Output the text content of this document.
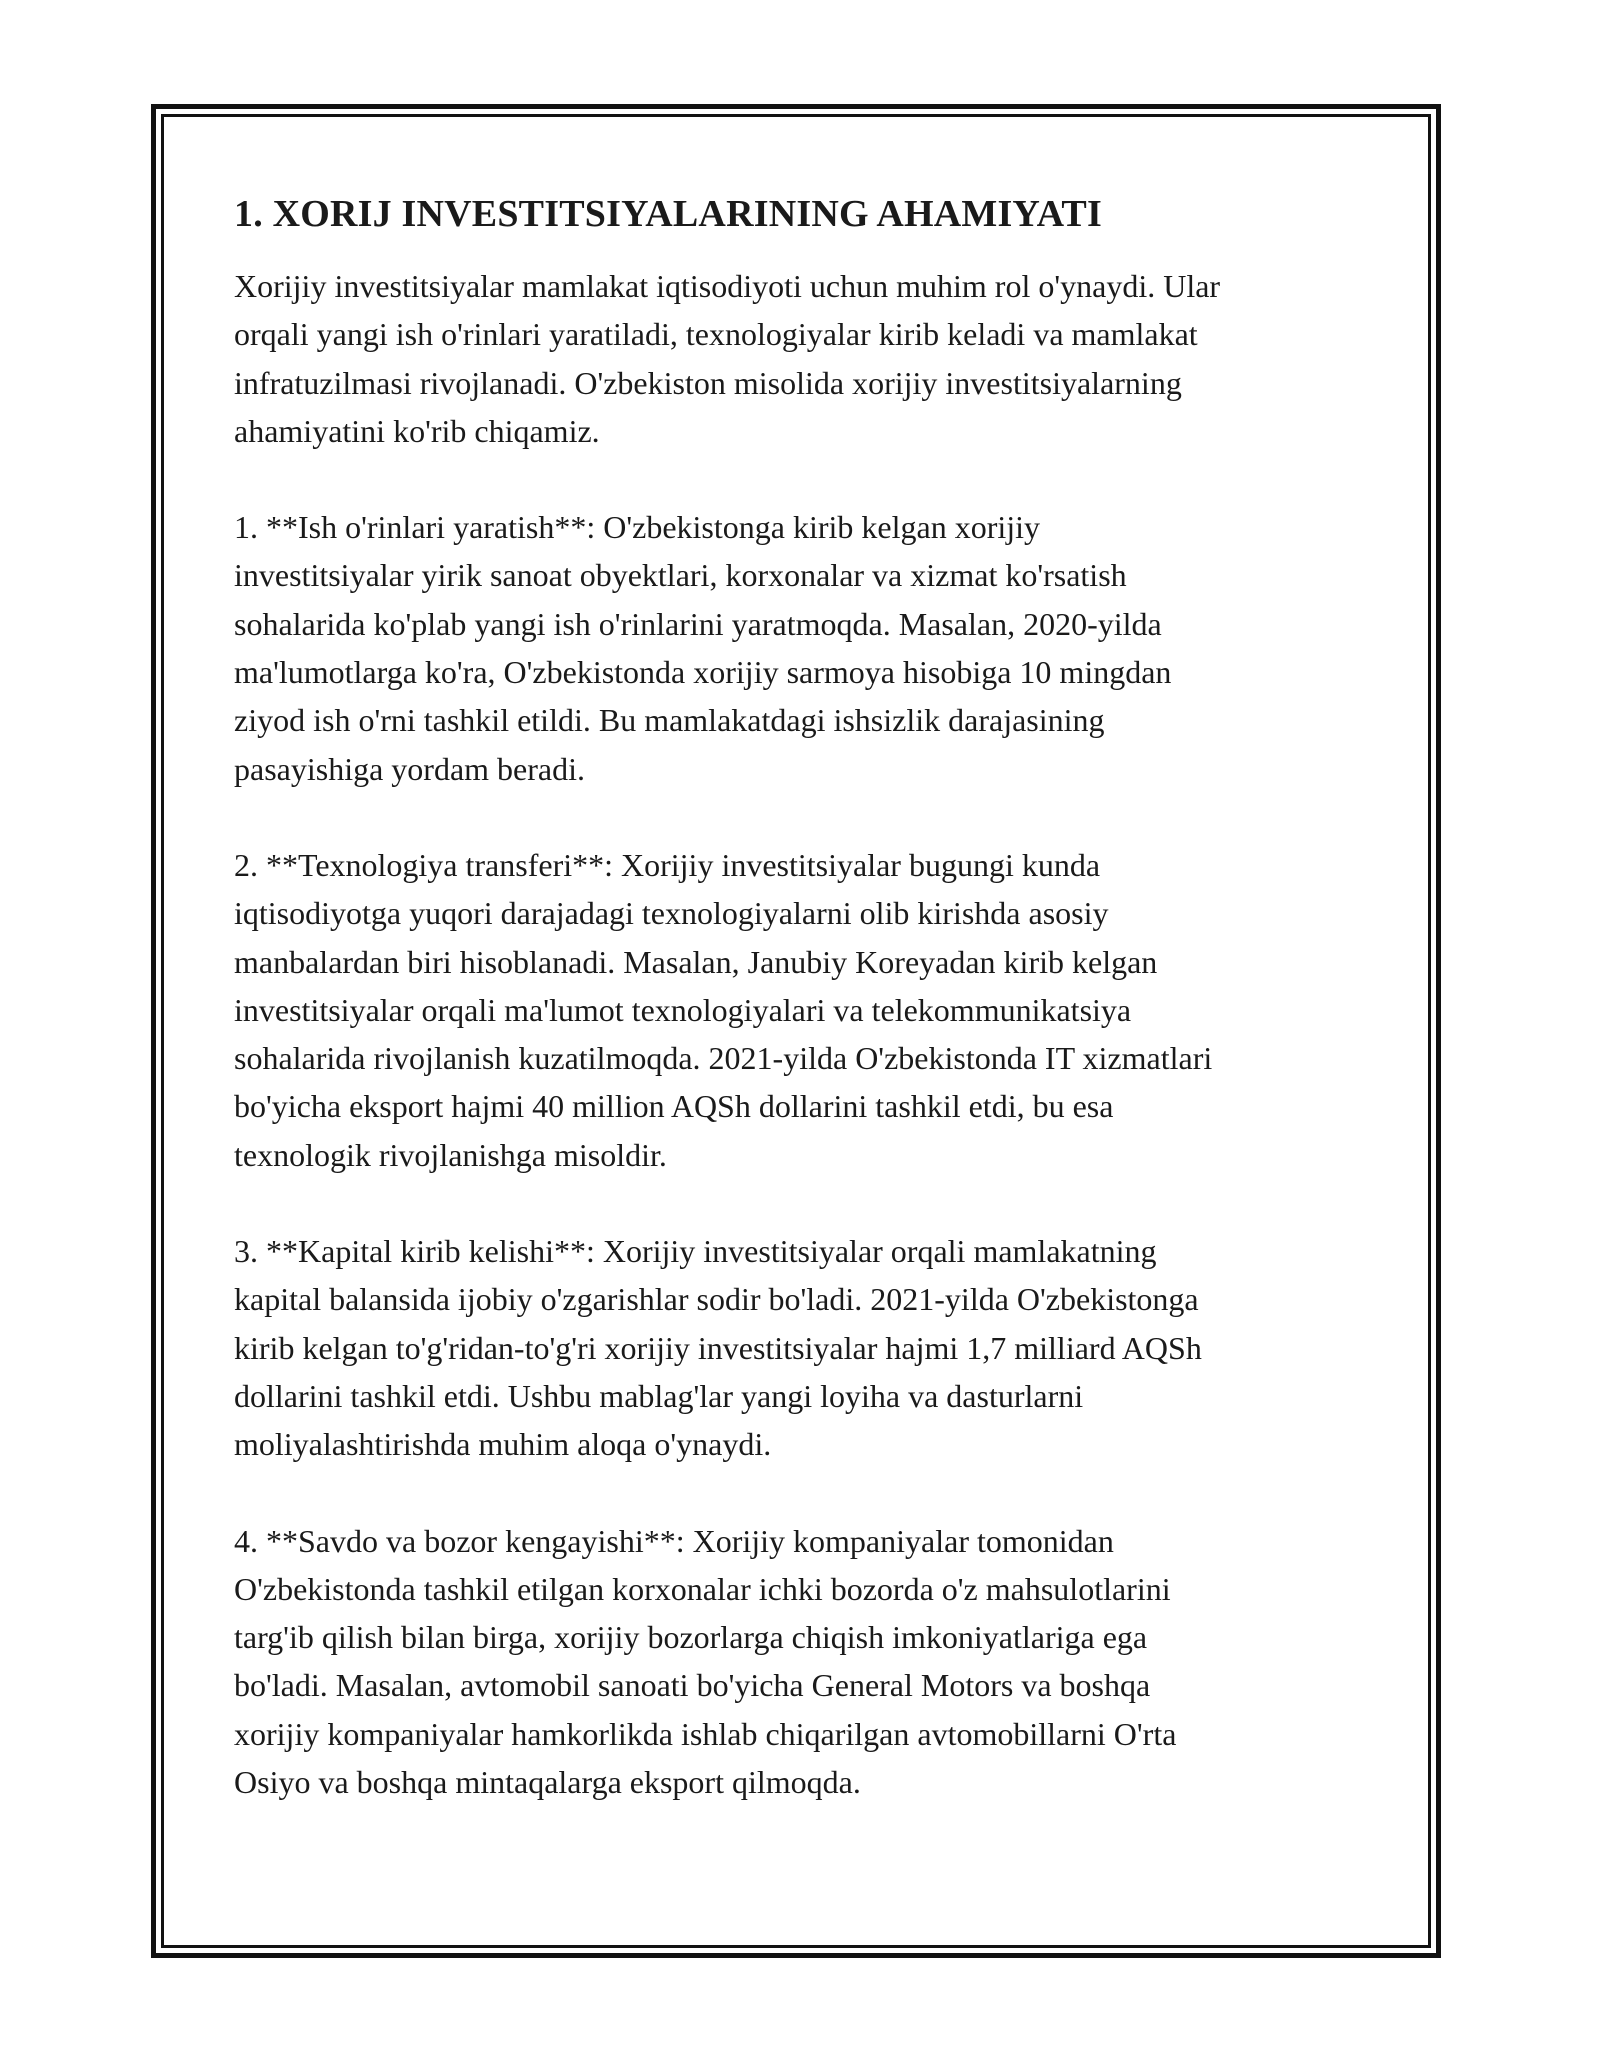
1. XORIJ INVESTITSIYALARINING AHAMIYATI

Xorijiy investitsiyalar mamlakat iqtisodiyoti uchun muhim rol o'ynaydi. Ular
orqali yangi ish o'rinlari yaratiladi, texnologiyalar kirib keladi va mamlakat
infratuzilmasi rivojlanadi. O'zbekiston misolida xorijiy investitsiyalarning
ahamiyatini ko'rib chiqamiz.

1. **Ish o'rinlari yaratish**: O'zbekistonga kirib kelgan xorijiy
investitsiyalar yirik sanoat obyektlari, korxonalar va xizmat ko'rsatish
sohalarida ko'plab yangi ish o'rinlarini yaratmoqda. Masalan, 2020-yilda
ma'lumotlarga ko'ra, O'zbekistonda xorijiy sarmoya hisobiga 10 mingdan
ziyod ish o'rni tashkil etildi. Bu mamlakatdagi ishsizlik darajasining
pasayishiga yordam beradi.

2. **Texnologiya transferi**: Xorijiy investitsiyalar bugungi kunda
iqtisodiyotga yuqori darajadagi texnologiyalarni olib kirishda asosiy
manbalardan biri hisoblanadi. Masalan, Janubiy Koreyadan kirib kelgan
investitsiyalar orqali ma'lumot texnologiyalari va telekommunikatsiya
sohalarida rivojlanish kuzatilmoqda. 2021-yilda O'zbekistonda IT xizmatlari
bo'yicha eksport hajmi 40 million AQSh dollarini tashkil etdi, bu esa
texnologik rivojlanishga misoldir.

3. **Kapital kirib kelishi**: Xorijiy investitsiyalar orqali mamlakatning
kapital balansida ijobiy o'zgarishlar sodir bo'ladi. 2021-yilda O'zbekistonga
kirib kelgan to'g'ridan-to'g'ri xorijiy investitsiyalar hajmi 1,7 milliard AQSh
dollarini tashkil etdi. Ushbu mablag'lar yangi loyiha va dasturlarni
moliyalashtirishda muhim aloqa o'ynaydi.

4. **Savdo va bozor kengayishi**: Xorijiy kompaniyalar tomonidan
O'zbekistonda tashkil etilgan korxonalar ichki bozorda o'z mahsulotlarini
targ'ib qilish bilan birga, xorijiy bozorlarga chiqish imkoniyatlariga ega
bo'ladi. Masalan, avtomobil sanoati bo'yicha General Motors va boshqa
xorijiy kompaniyalar hamkorlikda ishlab chiqarilgan avtomobillarni O'rta
Osiyo va boshqa mintaqalarga eksport qilmoqda.
